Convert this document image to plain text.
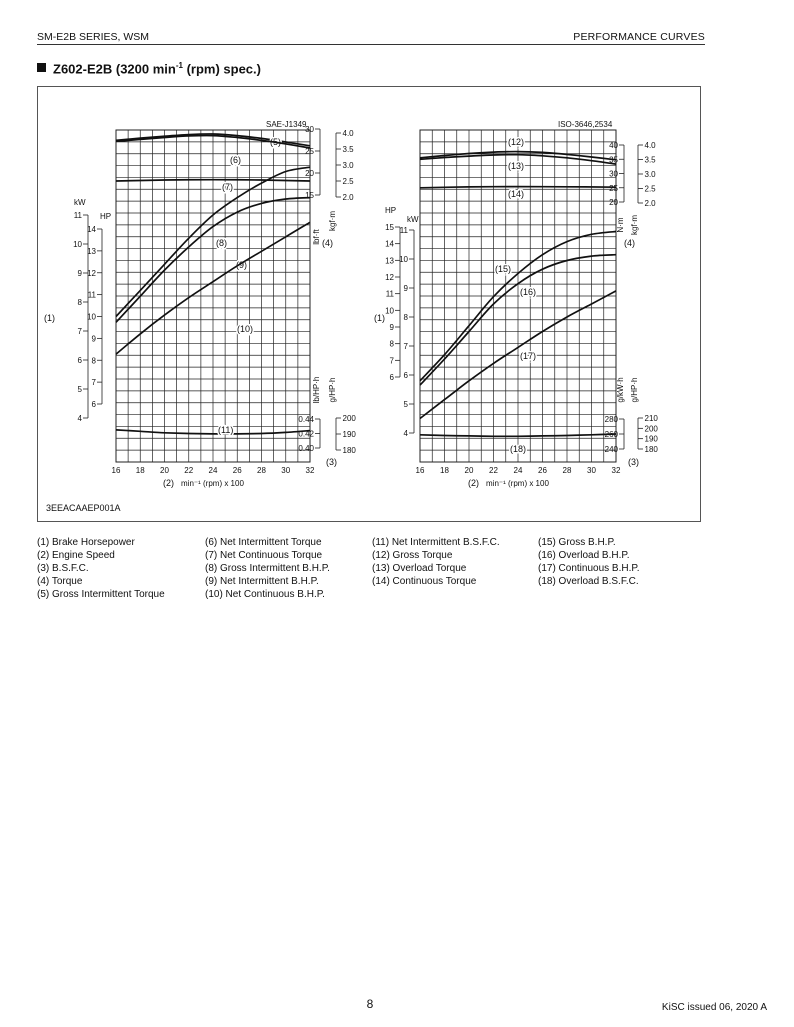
SM-E2B SERIES, WSM	PERFORMANCE CURVES
Z602-E2B (3200 $\min^{-1} (rpm)$ spec.)
16 18 20 22 24 26 28 30 32
(2) min⁻¹ (rpm) x 100
SAE-J1349
4
5
6
7
8
9
10
11
6
7
8
9
10
11
12
13
14
15
20
25
30
2.0
2.5
3.0
3.5
4.0
0.40
0.42
0.44
180
190
200
kW
HP
(1)
lbf·ft
kgf·m
(4)
lb/HP·h g/HP·h
(3)
(5)
(6)
(7)
(8)
(9)
(10)
(11)
16 18 20 22 24 26 28 30 32
(2) min⁻¹ (rpm) x 100
ISO-3646,2534
4
5
6
7
8
9
10
11
6
7
8
9
10
11
12
13
14
15
20
25
30
35
40
2.0
2.5
3.0
3.5
4.0
240
260
280
180
190
200
210
HP
kW
(1)
N·m kgf·m
(4)
g/kW·h g/HP·h
(3)
(12)
(13)
(14)
(15)
(16)
(17)
(18)
3EEACAAEP001A
(1) Brake Horsepower
(2) Engine Speed
(3) B.S.F.C.
(4) Torque
(5) Gross Intermittent Torque
(6) Net Intermittent Torque
(7) Net Continuous Torque
(8) Gross Intermittent B.H.P.
(9) Net Intermittent B.H.P.
(10) Net Continuous B.H.P.
(11) Net Intermittent B.S.F.C.
(12) Gross Torque
(13) Overload Torque
(14) Continuous Torque
(15) Gross B.H.P.
(16) Overload B.H.P.
(17) Continuous B.H.P.
(18) Overload B.S.F.C.
8	KiSC issued 06, 2020 A
